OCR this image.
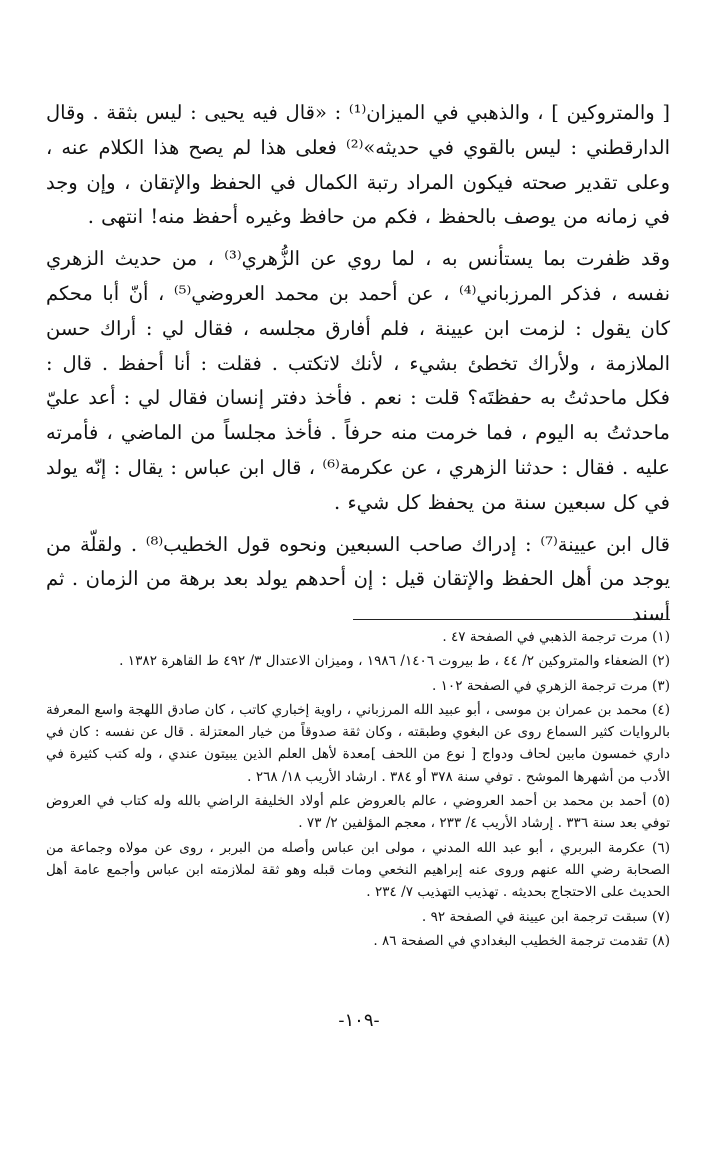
[ والمتروكين ] ، والذهبي في الميزان⁽¹⁾ : «قال فيه يحيى : ليس بثقة . وقال الدارقطني : ليس بالقوي في حديثه»⁽²⁾ فعلى هذا لم يصح هذا الكلام عنه ، وعلى تقدير صحته فيكون المراد رتبة الكمال في الحفظ والإتقان ، وإن وجد في زمانه من يوصف بالحفظ ، فكم من حافظ وغيره أحفظ منه! انتهى .

وقد ظفرت بما يستأنس به ، لما روي عن الزُّهري⁽³⁾ ، من حديث الزهري نفسه ، فذكر المرزباني⁽⁴⁾ ، عن أحمد بن محمد العروضي⁽⁵⁾ ، أنّ أبا محكم كان يقول : لزمت ابن عيينة ، فلم أفارق مجلسه ، فقال لي : أراك حسن الملازمة ، ولأراك تخطئ بشيء ، لأنك لاتكتب . فقلت : أنا أحفظ . قال : فكل ماحدثتُ به حفظتَه؟ قلت : نعم . فأخذ دفتر إنسان فقال لي : أعد عليّ ماحدثتُ به اليوم ، فما خرمت منه حرفاً . فأخذ مجلساً من الماضي ، فأمرته عليه . فقال : حدثنا الزهري ، عن عكرمة⁽⁶⁾ ، قال ابن عباس : يقال : إنّه يولد في كل سبعين سنة من يحفظ كل شيء .

قال ابن عيينة⁽⁷⁾ : إدراك صاحب السبعين ونحوه قول الخطيب⁽⁸⁾ . ولقلّة من يوجد من أهل الحفظ والإتقان قيل : إن أحدهم يولد بعد برهة من الزمان . ثم أسند

(١) مرت ترجمة الذهبي في الصفحة ٤٧ .

(٢) الضعفاء والمتروكين ٢/ ٤٤ ، ط بيروت ١٤٠٦/ ١٩٨٦ ، وميزان الاعتدال ٣/ ٤٩٢ ط القاهرة ١٣٨٢ .

(٣) مرت ترجمة الزهري في الصفحة ١٠٢ .

(٤) محمد بن عمران بن موسى ، أبو عبيد الله المرزباني ، راوية إخباري كاتب ، كان صادق اللهجة واسع المعرفة بالروايات كثير السماع روى عن البغوي وطبقته ، وكان ثقة صدوقاً من خيار المعتزلة . قال عن نفسه : كان في داري خمسون مابين لحاف ودواج [ نوع من اللحف ]معدة لأهل العلم الذين يبيتون عندي ، وله كتب كثيرة في الأدب من أشهرها الموشح . توفي سنة ٣٧٨ أو ٣٨٤ . ارشاد الأريب ١٨/ ٢٦٨ .

(٥) أحمد بن محمد بن أحمد العروضي ، عالم بالعروض علم أولاد الخليفة الراضي بالله وله كتاب في العروض توفي بعد سنة ٣٣٦ . إرشاد الأريب ٤/ ٢٣٣ ، معجم المؤلفين ٢/ ٧٣ .

(٦) عكرمة البربري ، أبو عبد الله المدني ، مولى ابن عباس وأصله من البربر ، روى عن مولاه وجماعة من الصحابة رضي الله عنهم وروى عنه إبراهيم النخعي ومات قبله وهو ثقة لملازمته ابن عباس وأجمع عامة أهل الحديث على الاحتجاج بحديثه . تهذيب التهذيب ٧/ ٢٣٤ .

(٧) سبقت ترجمة ابن عيينة في الصفحة ٩٢ .

(٨) تقدمت ترجمة الخطيب البغدادي في الصفحة ٨٦ .

-١٠٩-
